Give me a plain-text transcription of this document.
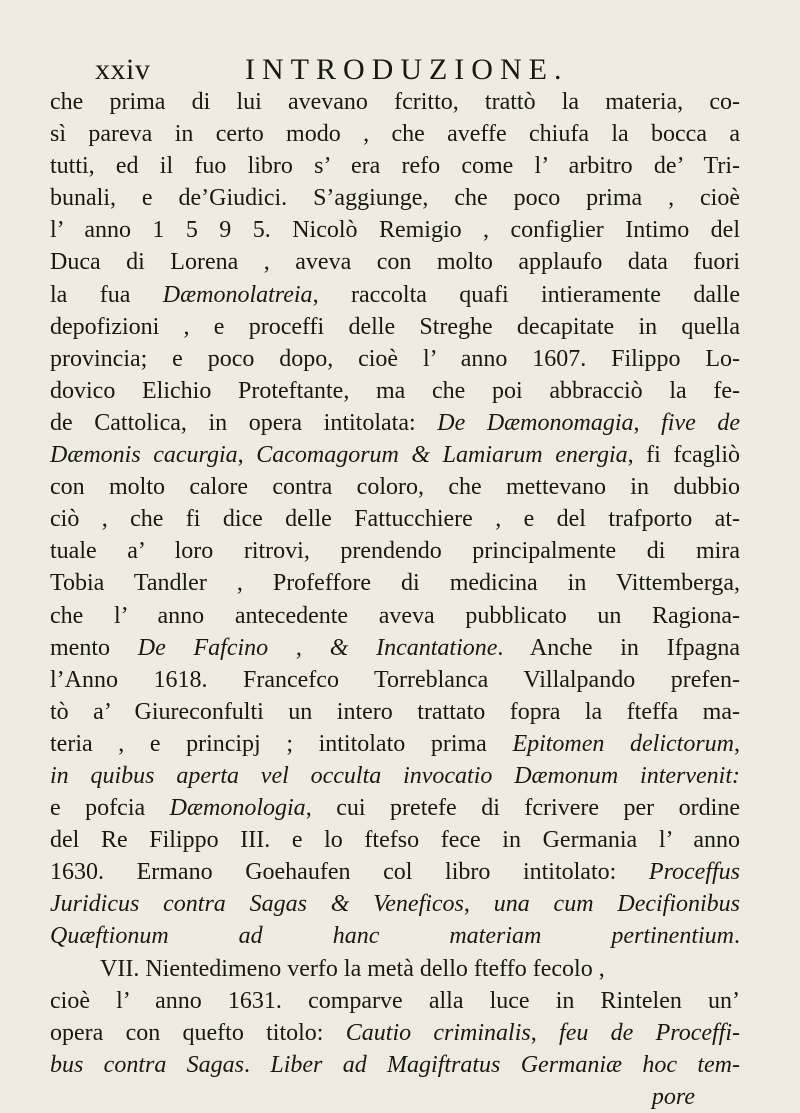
xxiv	INTRODUZIONE.
che prima di lui avevano fcritto, trattò la materia, co-
sì pareva in certo modo , che aveffe chiufa la bocca a
tutti, ed il fuo libro s’ era refo come l’ arbitro de’ Tri-
bunali, e de’Giudici. S’aggiunge, che poco prima , cioè
l’ anno 1 5 9 5. Nicolò Remigio , configlier Intimo del
Duca di Lorena , aveva con molto applaufo data fuori
la fua Dæmonolatreia, raccolta quafi intieramente dalle
depofizioni , e proceffi delle Streghe decapitate in quella
provincia; e poco dopo, cioè l’ anno 1607. Filippo Lo-
dovico Elichio Proteftante, ma che poi abbracciò la fe-
de Cattolica, in opera intitolata: De Dæmonomagia, five de
Dæmonis cacurgia, Cacomagorum & Lamiarum energia, fi fcagliò
con molto calore contra coloro, che mettevano in dubbio
ciò , che fi dice delle Fattucchiere , e del trafporto at-
tuale a’ loro ritrovi, prendendo principalmente di mira
Tobia Tandler , Profeffore di medicina in Vittemberga,
che l’ anno antecedente aveva pubblicato un Ragiona-
mento De Fafcino , & Incantatione. Anche in Ifpagna
l’Anno 1618. Francefco Torreblanca Villalpando prefen-
tò a’ Giureconfulti un intero trattato fopra la fteffa ma-
teria , e principj ; intitolato prima Epitomen delictorum,
in quibus aperta vel occulta invocatio Dæmonum intervenit:
e pofcia Dæmonologia, cui pretefe di fcrivere per ordine
del Re Filippo III. e lo ftefso fece in Germania l’ anno
1630. Ermano Goehaufen col libro intitolato: Proceffus
Juridicus contra Sagas & Veneficos, una cum Decifionibus
Quæftionum ad hanc materiam pertinentium.
VII. Nientedimeno verfo la metà dello fteffo fecolo ,
cioè l’ anno 1631. comparve alla luce in Rintelen un’
opera con quefto titolo: Cautio criminalis, feu de Proceffi-
bus contra Sagas. Liber ad Magiftratus Germaniæ hoc tem-
pore
